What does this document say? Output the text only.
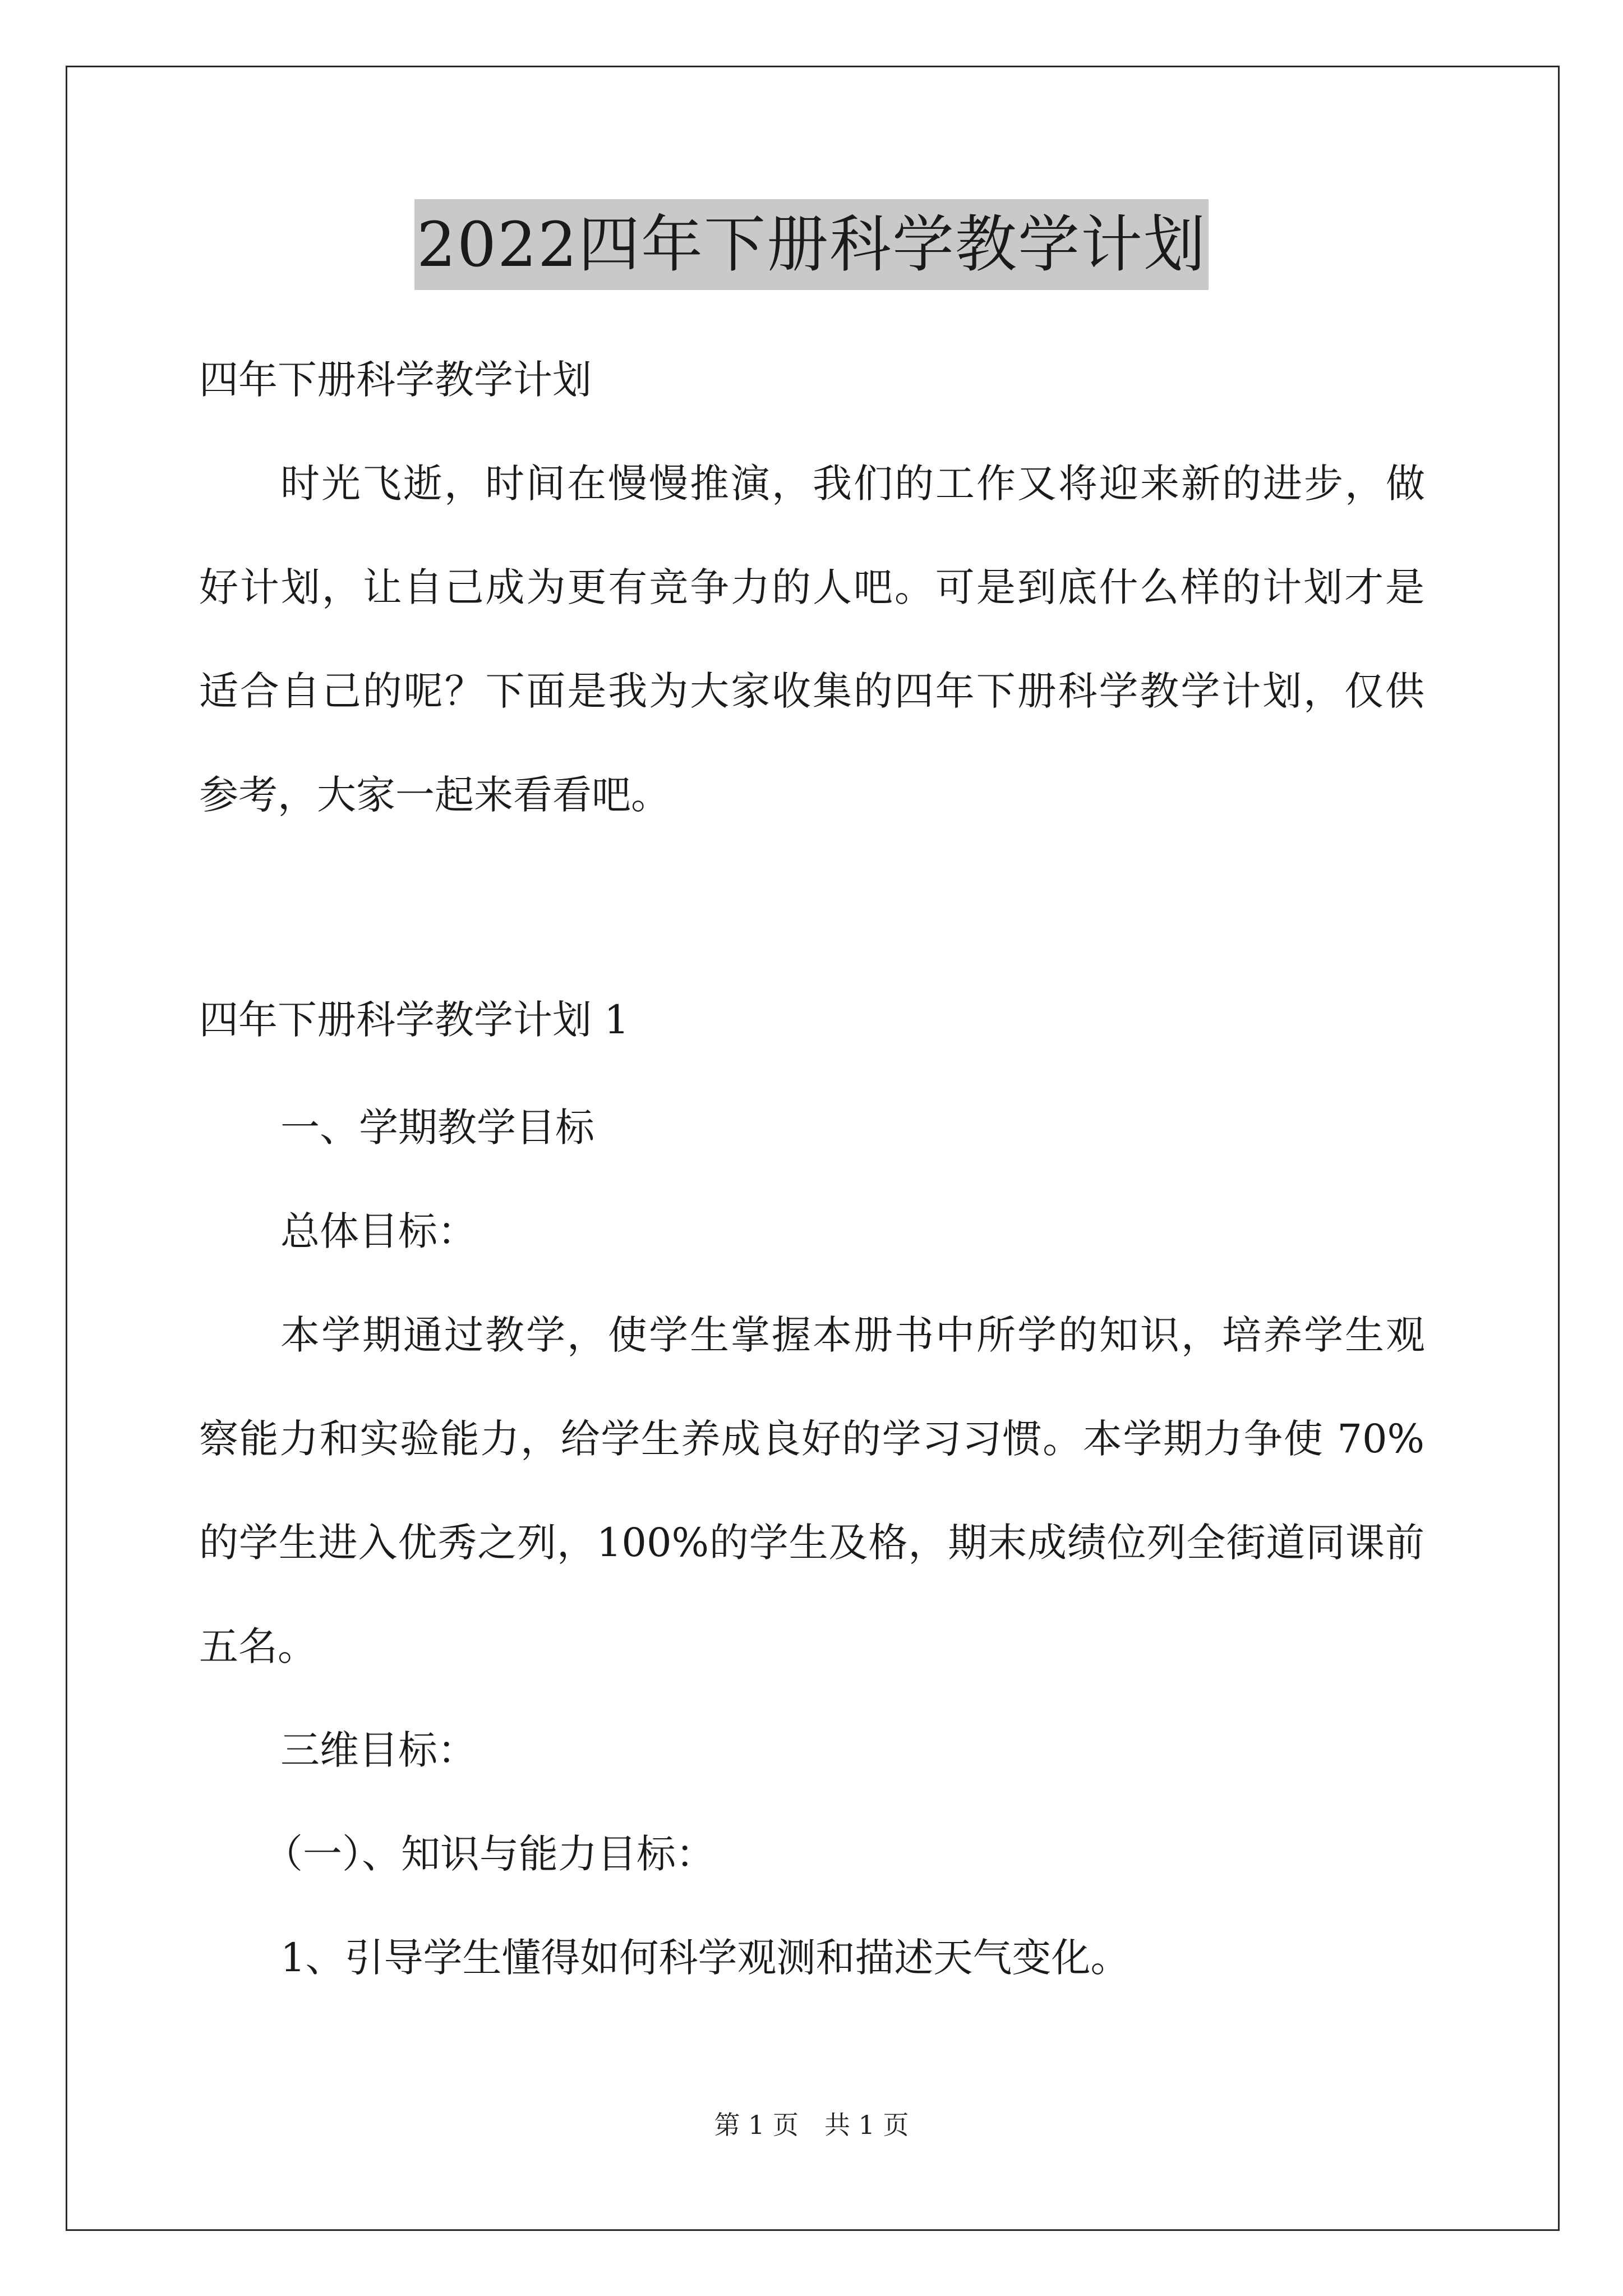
2022四年下册科学教学计划
四年下册科学教学计划
时光飞逝，时间在慢慢推演，我们的工作又将迎来新的进步，做
好计划，让自己成为更有竞争力的人吧。可是到底什么样的计划才是
适合自己的呢？下面是我为大家收集的四年下册科学教学计划，仅供
参考，大家一起来看看吧。
四年下册科学教学计划 1
一、学期教学目标
总体目标：
本学期通过教学，使学生掌握本册书中所学的知识，培养学生观
察能力和实验能力，给学生养成良好的学习习惯。本学期力争使 70%
的学生进入优秀之列，100%的学生及格，期末成绩位列全街道同课前
五名。
三维目标：
（一）、知识与能力目标：
1、引导学生懂得如何科学观测和描述天气变化。
第 1 页　共 1 页
